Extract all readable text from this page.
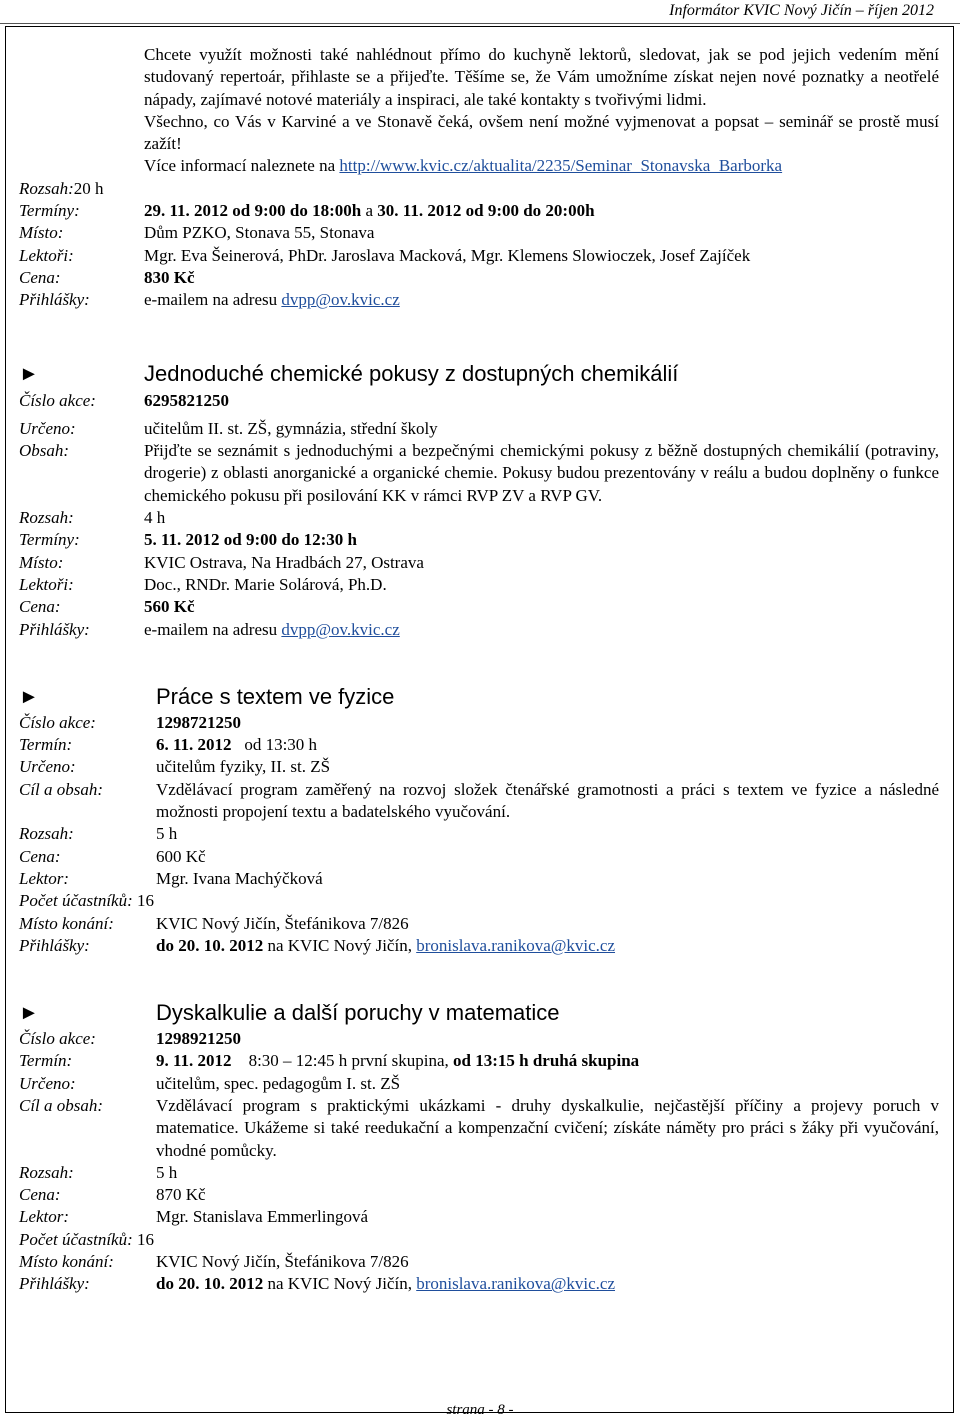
Informátor KVIC Nový Jičín – říjen 2012

Chcete využít možnosti také nahlédnout přímo do kuchyně lektorů, sledovat, jak se pod jejich vedením mění studovaný repertoár, přihlaste se a přijeďte. Těšíme se, že Vám umožníme získat nejen nové poznatky a neotřelé nápady, zajímavé notové materiály a inspiraci, ale také kontakty s tvořivými lidmi.

Všechno, co Vás v Karviné a ve Stonavě čeká, ovšem není možné vyjmenovat a popsat – seminář se prostě musí zažít!

Více informací naleznete na http://www.kvic.cz/aktualita/2235/Seminar_Stonavska_Barborka

Rozsah:20 h
Termíny:	29. 11. 2012 od 9:00 do 18:00h a 30. 11. 2012 od 9:00 do 20:00h
Místo:	Dům PZKO, Stonava 55, Stonava
Lektoři:	Mgr. Eva Šeinerová, PhDr. Jaroslava Macková, Mgr. Klemens Slowioczek, Josef Zajíček
Cena:	830 Kč
Přihlášky:	e-mailem na adresu dvpp@ov.kvic.cz
►	Jednoduché chemické pokusy z dostupných chemikálií
Číslo akce:	6295821250
Určeno:	učitelům II. st. ZŠ, gymnázia, střední školy
Obsah:	Přijďte se seznámit s jednoduchými a bezpečnými chemickými pokusy z běžně dostupných chemikálií (potraviny, drogerie) z oblasti anorganické a organické chemie. Pokusy budou prezentovány v reálu a budou doplněny o funkce chemického pokusu při posilování KK v rámci RVP ZV a RVP GV.
Rozsah:	4 h
Termíny:	5. 11. 2012 od 9:00 do 12:30 h
Místo:	KVIC Ostrava, Na Hradbách 27, Ostrava
Lektoři:	Doc., RNDr. Marie Solárová, Ph.D.
Cena:	560 Kč
Přihlášky:	e-mailem na adresu dvpp@ov.kvic.cz
►	Práce s textem ve fyzice
Číslo akce:	1298721250
Termín:	6. 11. 2012   od 13:30 h
Určeno:	učitelům fyziky, II. st. ZŠ
Cíl a obsah:	Vzdělávací program zaměřený na rozvoj složek čtenářské gramotnosti a práci s textem ve fyzice a následné možnosti propojení textu a badatelského vyučování.
Rozsah:	5 h
Cena:	600 Kč
Lektor:	Mgr. Ivana Machýčková
Počet účastníků: 16
Místo konání:	KVIC Nový Jičín, Štefánikova 7/826
Přihlášky:	do 20. 10. 2012 na KVIC Nový Jičín, bronislava.ranikova@kvic.cz
►	Dyskalkulie a další poruchy v matematice
Číslo akce:	1298921250
Termín:	9. 11. 2012    8:30 – 12:45 h první skupina, od 13:15 h druhá skupina
Určeno:	učitelům, spec. pedagogům I. st. ZŠ
Cíl a obsah:	Vzdělávací program s praktickými ukázkami - druhy dyskalkulie, nejčastější příčiny a projevy poruch v matematice. Ukážeme si také reedukační a kompenzační cvičení; získáte náměty pro práci s žáky při vyučování, vhodné pomůcky.
Rozsah:	5 h
Cena:	870 Kč
Lektor:	Mgr. Stanislava Emmerlingová
Počet účastníků: 16
Místo konání:	KVIC Nový Jičín, Štefánikova 7/826
Přihlášky:	do 20. 10. 2012 na KVIC Nový Jičín, bronislava.ranikova@kvic.cz
strana - 8 -
